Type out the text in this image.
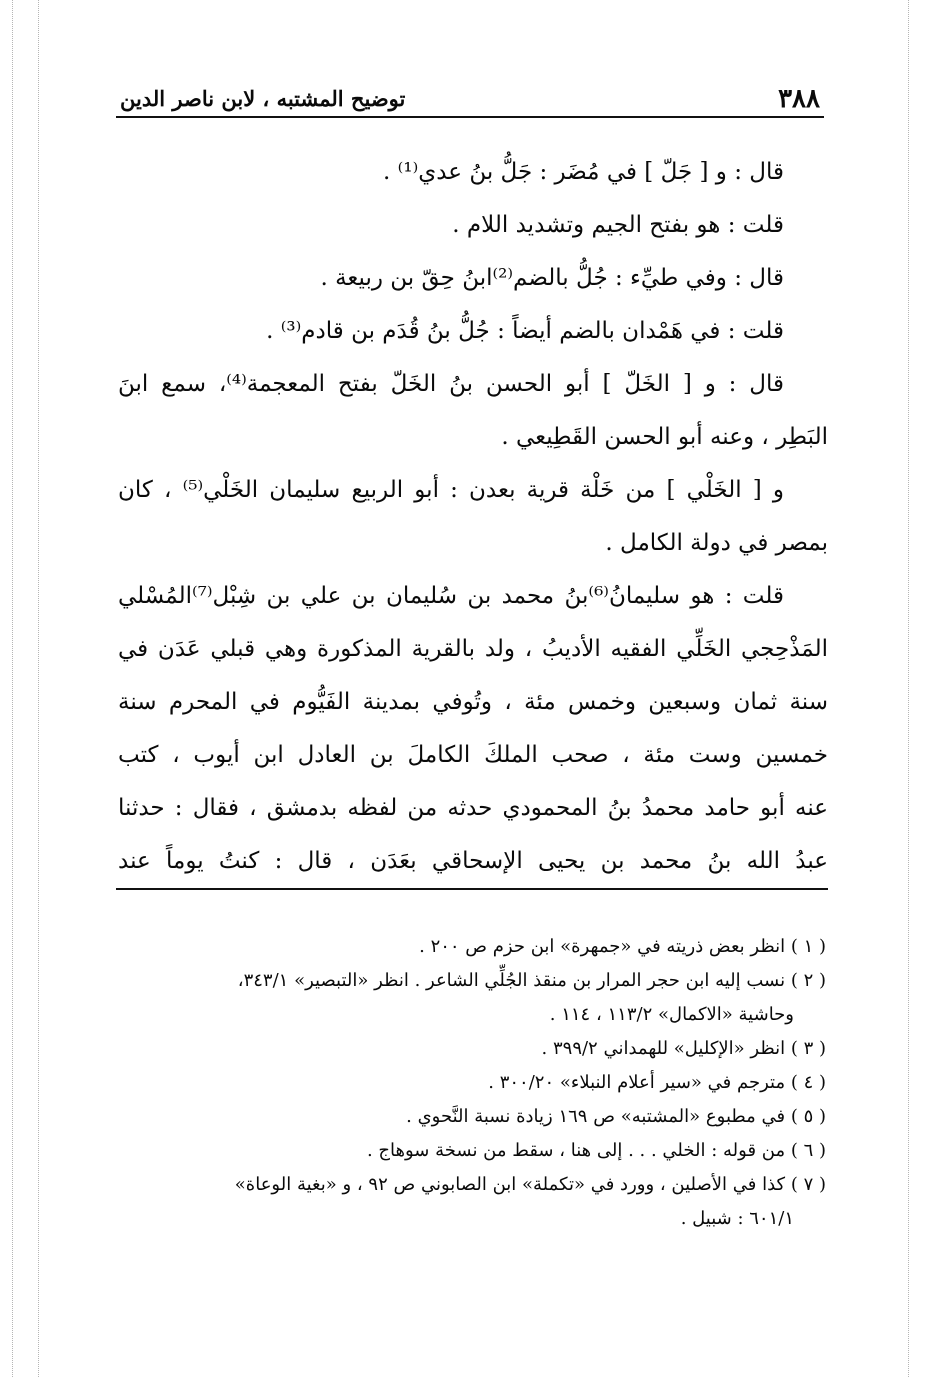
٣٨٨
توضيح المشتبه ، لابن ناصر الدين
قال : و [ جَلّ ] في مُضَر : جَلُّ بنُ عدي⁽¹⁾ .
قلت : هو بفتح الجيم وتشديد اللام .
قال : وفي طيِّء : جُلُّ بالضم⁽²⁾ابنُ حِقّ بن ربيعة .
قلت : في هَمْدان بالضم أيضاً : جُلُّ بنُ قُدَم بن قادم⁽³⁾ .
قال : و [ الخَلّ ] أبو الحسن بنُ الخَلّ بفتح المعجمة⁽⁴⁾، سمع ابنَ
البَطِر ، وعنه أبو الحسن القَطِيعي .
و [ الخَلْي ] من خَلْة قرية بعدن : أبو الربيع سليمان الخَلْي⁽⁵⁾ ، كان
بمصر في دولة الكامل .
قلت : هو سليمانُ⁽⁶⁾بنُ محمد بن سُليمان بن علي بن شِبْل⁽⁷⁾المُسْلي
المَذْحِجي الخَلِّي الفقيه الأديبُ ، ولد بالقرية المذكورة وهي قبلي عَدَن في
سنة ثمان وسبعين وخمس مئة ، وتُوفي بمدينة الفَيُّوم في المحرم سنة
خمسين وست مئة ، صحب الملكَ الكاملَ بن العادل ابن أيوب ، كتب
عنه أبو حامد محمدُ بنُ المحمودي حدثه من لفظه بدمشق ، فقال : حدثنا
عبدُ الله بنُ محمد بن يحيى الإسحاقي بعَدَن ، قال : كنتُ يوماً عند
( ١ ) انظر بعض ذريته في «جمهرة» ابن حزم ص ٢٠٠ .
( ٢ ) نسب إليه ابن حجر المرار بن منقذ الجُلِّي الشاعر . انظر «التبصير» ٣٤٣/١،
وحاشية «الاكمال» ١١٣/٢ ، ١١٤ .
( ٣ ) انظر «الإكليل» للهمداني ٣٩٩/٢ .
( ٤ ) مترجم في «سير أعلام النبلاء» ٣٠٠/٢٠ .
( ٥ ) في مطبوع «المشتبه» ص ١٦٩ زيادة نسبة النَّحوي .
( ٦ ) من قوله : الخلي . . . إلى هنا ، سقط من نسخة سوهاج .
( ٧ ) كذا في الأصلين ، وورد في «تكملة» ابن الصابوني ص ٩٢ ، و «بغية الوعاة»
٦٠١/١ : شبيل .
